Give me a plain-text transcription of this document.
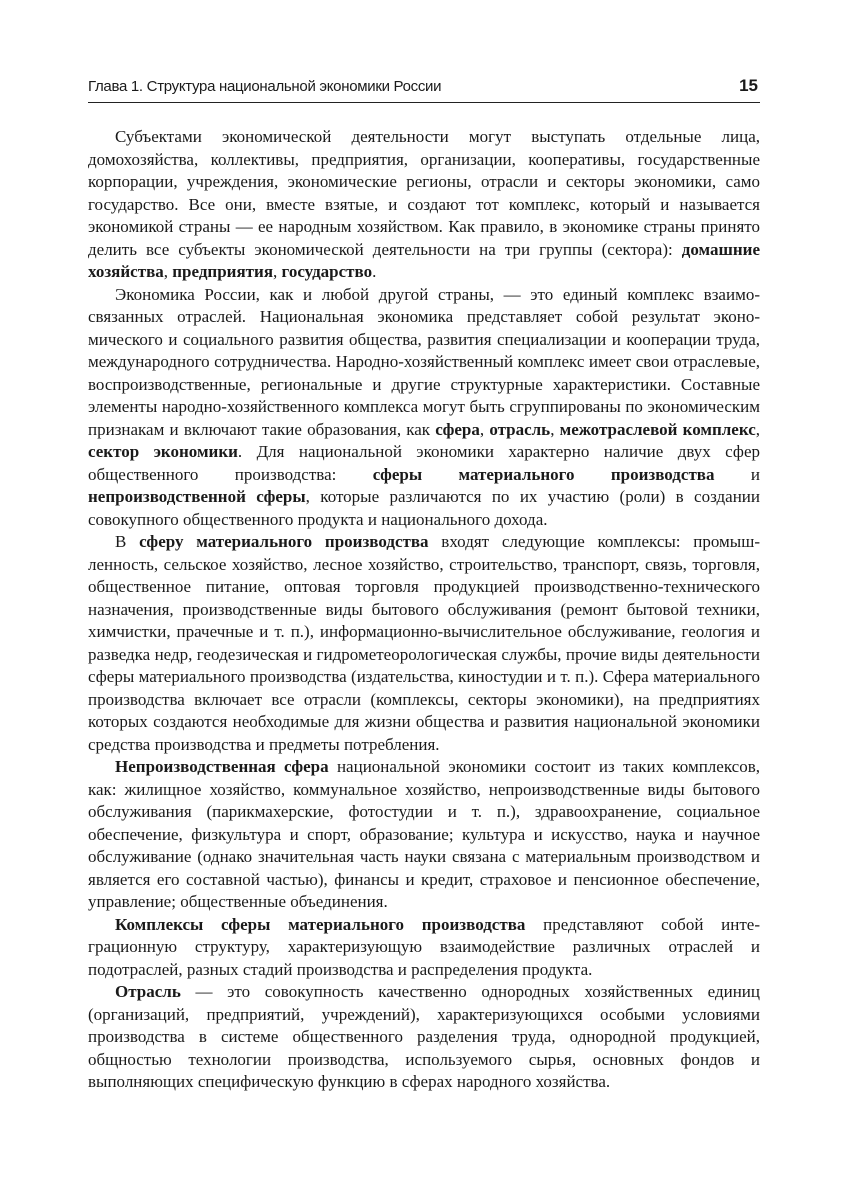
Глава 1. Структура национальной экономики России	15

Субъектами экономической деятельности могут выступать отдельные лица, домохозяйства, коллективы, предприятия, организации, кооперативы, государственные корпорации, учреждения, экономические регионы, отрасли и секторы экономики, само государство. Все они, вместе взятые, и создают тот комплекс, который и называется экономикой страны — ее народным хозяйством. Как правило, в экономике страны принято делить все субъекты экономической деятельности на три группы (сектора): домашние хозяйства, предприятия, государство.

Экономика России, как и любой другой страны, — это единый комплекс взаимосвязанных отраслей. Национальная экономика представляет собой результат экономического и социального развития общества, развития специализации и кооперации труда, международного сотрудничества. Народно-хозяйственный комплекс имеет свои отраслевые, воспроизводственные, региональные и другие структурные характеристики. Составные элементы народно-хозяйственного комплекса могут быть сгруппированы по экономическим признакам и включают такие образования, как сфера, отрасль, межотраслевой комплекс, сектор экономики. Для национальной экономики характерно наличие двух сфер общественного производства: сферы материального производства и непроизводственной сферы, которые различаются по их участию (роли) в создании совокупного общественного продукта и национального дохода.

В сферу материального производства входят следующие комплексы: промышленность, сельское хозяйство, лесное хозяйство, строительство, транспорт, связь, торговля, общественное питание, оптовая торговля продукцией производственно-технического назначения, производственные виды бытового обслуживания (ремонт бытовой техники, химчистки, прачечные и т. п.), информационно-вычислительное обслуживание, геология и разведка недр, геодезическая и гидрометеорологическая службы, прочие виды деятельности сферы материального производства (издательства, киностудии и т. п.). Сфера материального производства включает все отрасли (комплексы, секторы экономики), на предприятиях которых создаются необходимые для жизни общества и развития национальной экономики средства производства и предметы потребления.

Непроизводственная сфера национальной экономики состоит из таких комплексов, как: жилищное хозяйство, коммунальное хозяйство, непроизводственные виды бытового обслуживания (парикмахерские, фотостудии и т. п.), здравоохранение, социальное обеспечение, физкультура и спорт, образование; культура и искусство, наука и научное обслуживание (однако значительная часть науки связана с материальным производством и является его составной частью), финансы и кредит, страховое и пенсионное обеспечение, управление; общественные объединения.

Комплексы сферы материального производства представляют собой интеграционную структуру, характеризующую взаимодействие различных отраслей и подотраслей, разных стадий производства и распределения продукта.

Отрасль — это совокупность качественно однородных хозяйственных единиц (организаций, предприятий, учреждений), характеризующихся особыми условиями производства в системе общественного разделения труда, однородной продукцией, общностью технологии производства, используемого сырья, основных фондов и выполняющих специфическую функцию в сферах народного хозяйства.
